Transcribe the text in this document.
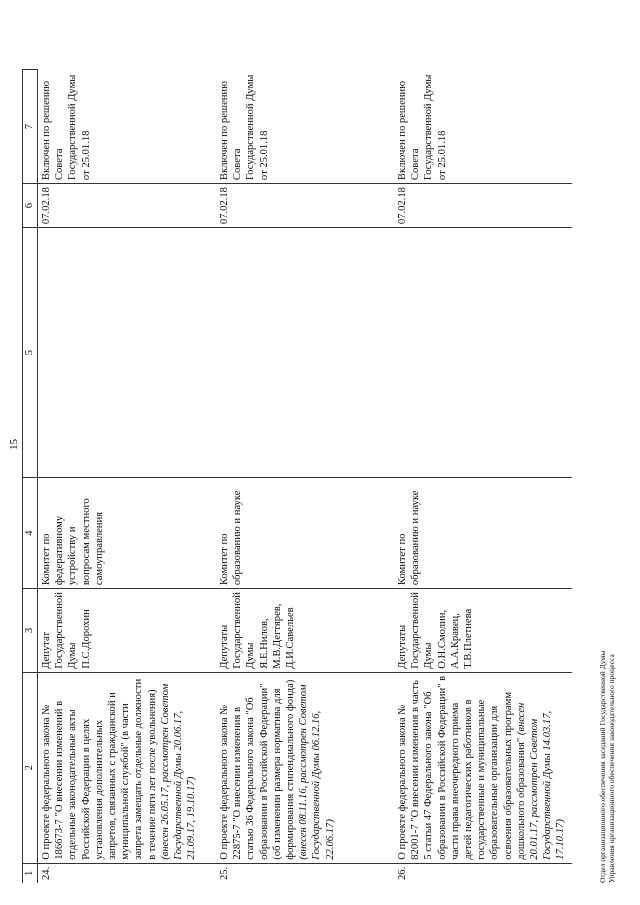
15
1	2	3	4	5	6	7
24.	О проекте федерального закона № 186673-7 "О внесении изменений в отдельные законодательные акты Российской Федерации в целях установления дополнительных запретов, связанных с гражданской и муниципальной службой" (в части запрета замещать отдельные должности в течение пяти лет после увольнения) (внесен 26.05.17, рассмотрен Советом Государственной Думы 20.06.17, 21.09.17, 19.10.17)	Депутат Государственной Думы П.С.Дорохин	Комитет по федеративному устройству и вопросам местного самоуправления		07.02.18	Включен по решению Совета Государственной Думы от 25.01.18
25.	О проекте федерального закона № 22875-7 "О внесении изменения в статью 36 Федерального закона "Об образовании в Российской Федерации" (об изменении размера норматива для формирования стипендиального фонда) (внесен 08.11.16, рассмотрен Советом Государственной Думы 06.12.16, 22.06.17)	Депутаты Государственной Думы Я.Е.Нилов, М.В.Дегтярев, Д.И.Савельев	Комитет по образованию и науке		07.02.18	Включен по решению Совета Государственной Думы от 25.01.18
26.	О проекте федерального закона № 82001-7 "О внесении изменения в часть 5 статьи 47 Федерального закона "Об образовании в Российской Федерации" в части права внеочередного приема детей педагогических работников в государственные и муниципальные образовательные организации для освоения образовательных программ дошкольного образования" (внесен 20.01.17, рассмотрен Советом Государственной Думы 14.03.17, 17.10.17)	Депутаты Государственной Думы О.Н.Смолин, А.А.Кравец, Т.В.Плетнева	Комитет по образованию и науке		07.02.18	Включен по решению Совета Государственной Думы от 25.01.18
Отдел организационного обеспечения заседаний Государственной Думы Управления организационного обеспечения законодательного процесса
